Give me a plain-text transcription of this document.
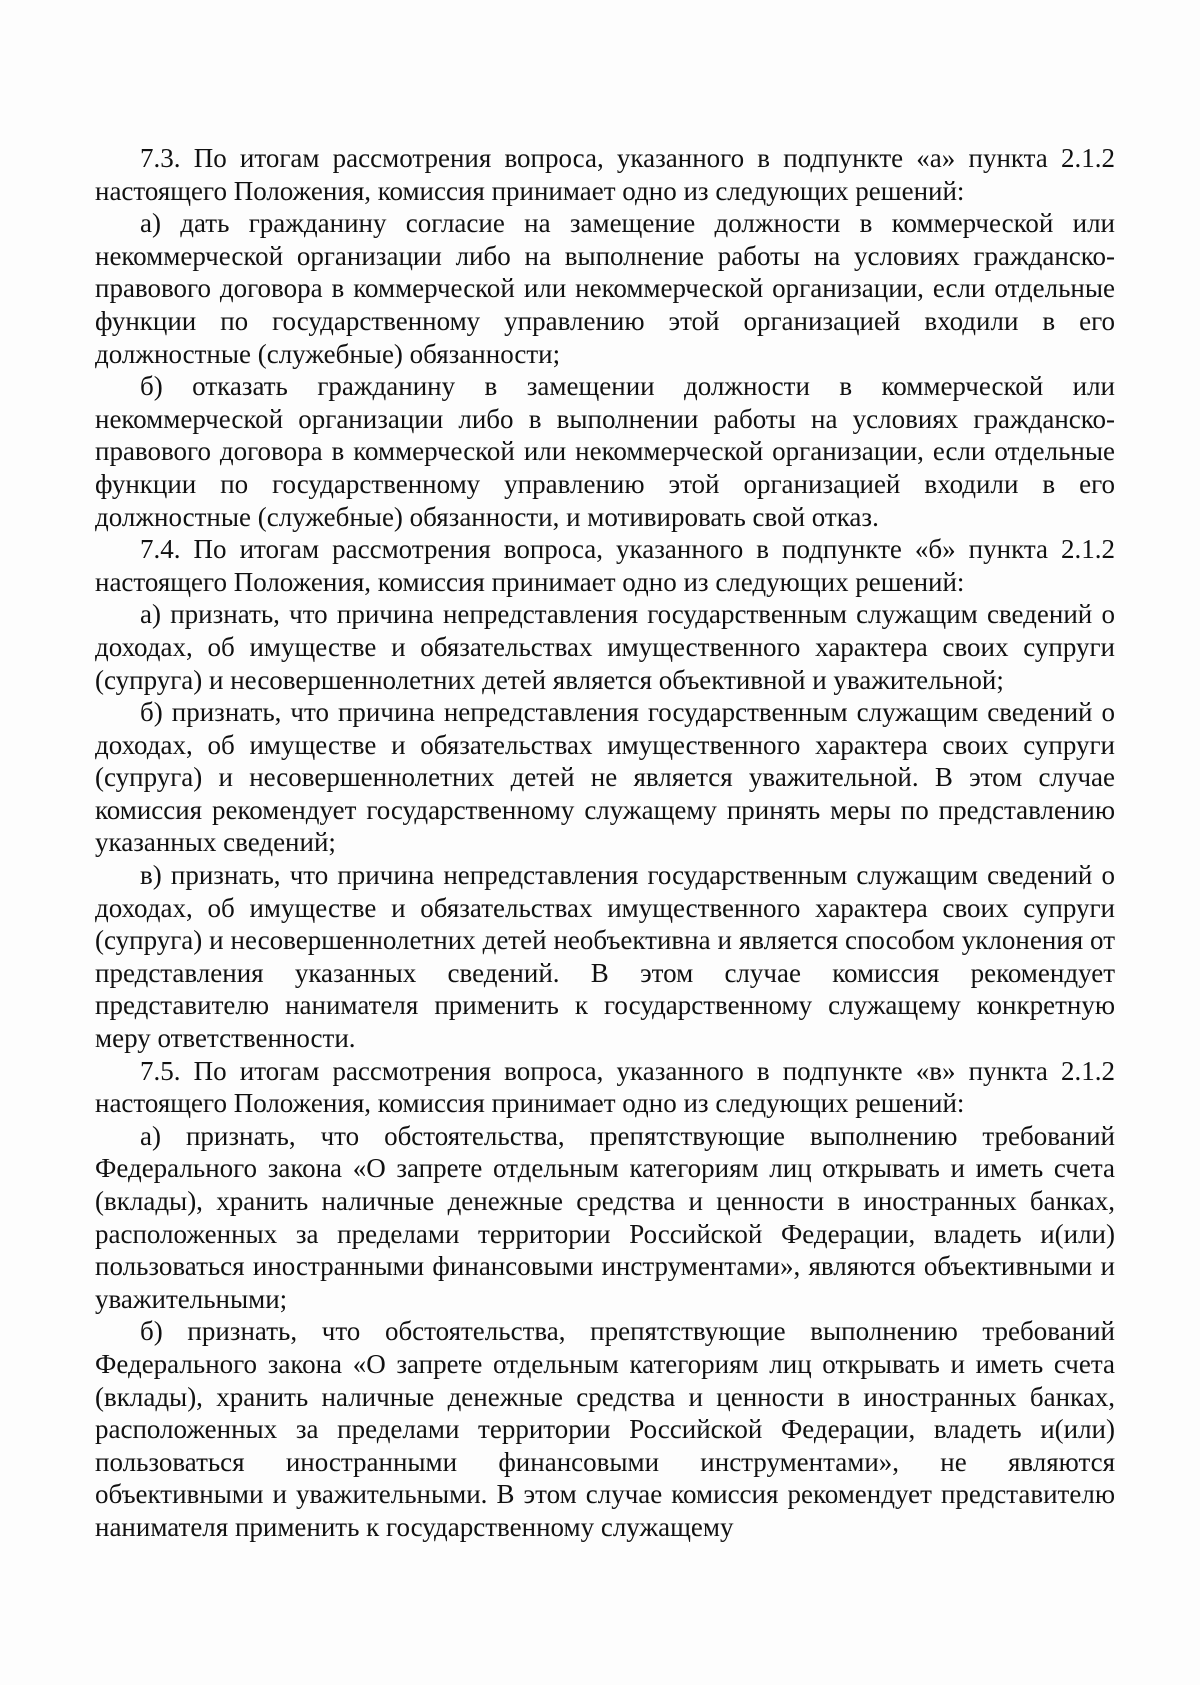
7.3. По итогам рассмотрения вопроса, указанного в подпункте «а» пункта 2.1.2 настоящего Положения, комиссия принимает одно из следующих решений:

а) дать гражданину согласие на замещение должности в коммерческой или некоммерческой организации либо на выполнение работы на условиях гражданско-правового договора в коммерческой или некоммерческой организации, если отдельные функции по государственному управлению этой организацией входили в его должностные (служебные) обязанности;

б) отказать гражданину в замещении должности в коммерческой или некоммерческой организации либо в выполнении работы на условиях гражданско-правового договора в коммерческой или некоммерческой организации, если отдельные функции по государственному управлению этой организацией входили в его должностные (служебные) обязанности, и мотивировать свой отказ.

7.4. По итогам рассмотрения вопроса, указанного в подпункте «б» пункта 2.1.2 настоящего Положения, комиссия принимает одно из следующих решений:

а) признать, что причина непредставления государственным служащим сведений о доходах, об имуществе и обязательствах имущественного характера своих супруги (супруга) и несовершеннолетних детей является объективной и уважительной;

б) признать, что причина непредставления государственным служащим сведений о доходах, об имуществе и обязательствах имущественного характера своих супруги (супруга) и несовершеннолетних детей не является уважительной. В этом случае комиссия рекомендует государственному служащему принять меры по представлению указанных сведений;

в) признать, что причина непредставления государственным служащим сведений о доходах, об имуществе и обязательствах имущественного характера своих супруги (супруга) и несовершеннолетних детей необъективна и является способом уклонения от представления указанных сведений. В этом случае комиссия рекомендует представителю нанимателя применить к государственному служащему конкретную меру ответственности.

7.5. По итогам рассмотрения вопроса, указанного в подпункте «в» пункта 2.1.2 настоящего Положения, комиссия принимает одно из следующих решений:

а) признать, что обстоятельства, препятствующие выполнению требований Федерального закона «О запрете отдельным категориям лиц открывать и иметь счета (вклады), хранить наличные денежные средства и ценности в иностранных банках, расположенных за пределами территории Российской Федерации, владеть и(или) пользоваться иностранными финансовыми инструментами», являются объективными и уважительными;

б) признать, что обстоятельства, препятствующие выполнению требований Федерального закона «О запрете отдельным категориям лиц открывать и иметь счета (вклады), хранить наличные денежные средства и ценности в иностранных банках, расположенных за пределами территории Российской Федерации, владеть и(или) пользоваться иностранными финансовыми инструментами», не являются объективными и уважительными. В этом случае комиссия рекомендует представителю нанимателя применить к государственному служащему
